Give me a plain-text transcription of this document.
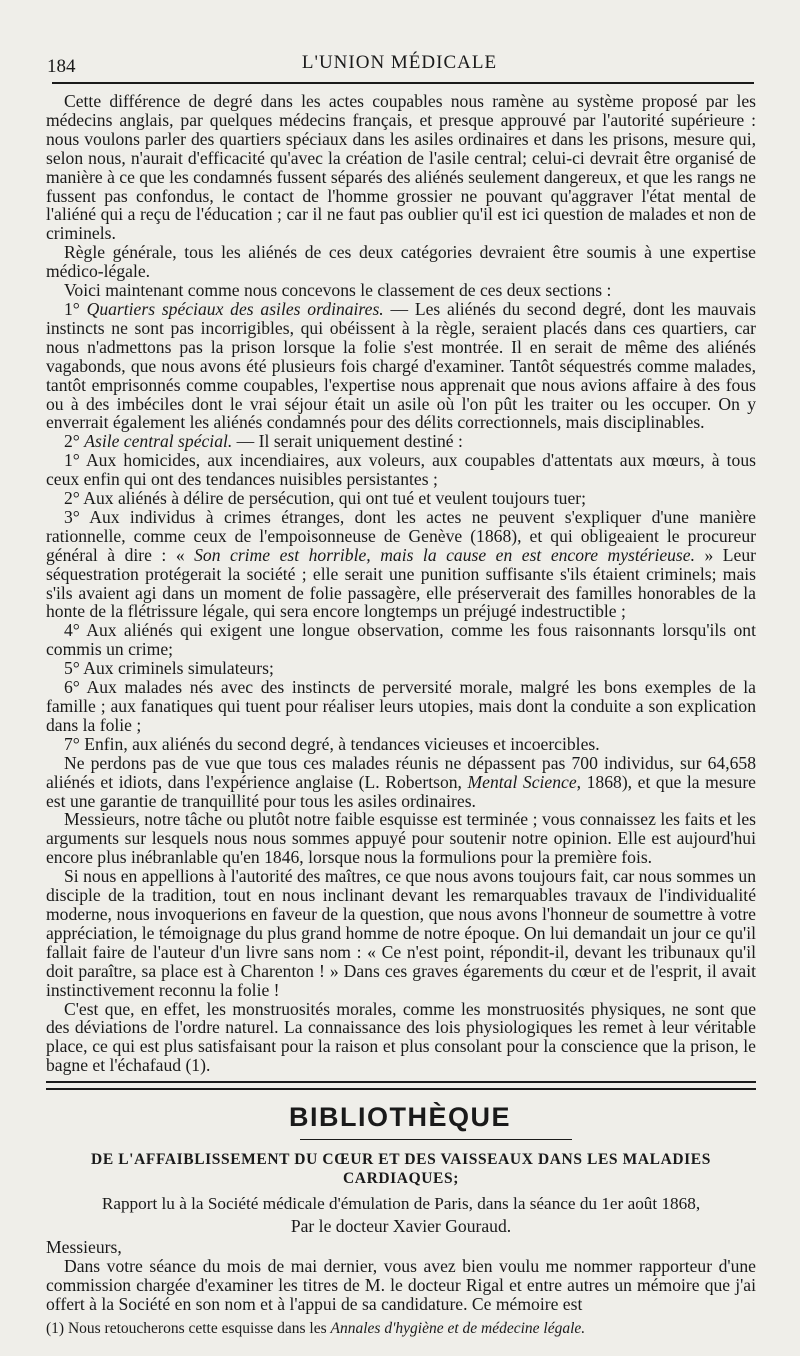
184	L'UNION MÉDICALE

Cette différence de degré dans les actes coupables nous ramène au système proposé par les médecins anglais, par quelques médecins français, et presque approuvé par l'autorité supérieure : nous voulons parler des quartiers spéciaux dans les asiles ordinaires et dans les prisons, mesure qui, selon nous, n'aurait d'efficacité qu'avec la création de l'asile central; celui-ci devrait être organisé de manière à ce que les condamnés fussent séparés des aliénés seulement dangereux, et que les rangs ne fussent pas confondus, le contact de l'homme grossier ne pouvant qu'aggraver l'état mental de l'aliéné qui a reçu de l'éducation ; car il ne faut pas oublier qu'il est ici question de malades et non de criminels.

Règle générale, tous les aliénés de ces deux catégories devraient être soumis à une expertise médico-légale.

Voici maintenant comme nous concevons le classement de ces deux sections :

1° Quartiers spéciaux des asiles ordinaires. — Les aliénés du second degré, dont les mauvais instincts ne sont pas incorrigibles, qui obéissent à la règle, seraient placés dans ces quartiers, car nous n'admettons pas la prison lorsque la folie s'est montrée. Il en serait de même des aliénés vagabonds, que nous avons été plusieurs fois chargé d'examiner. Tantôt séquestrés comme malades, tantôt emprisonnés comme coupables, l'expertise nous apprenait que nous avions affaire à des fous ou à des imbéciles dont le vrai séjour était un asile où l'on pût les traiter ou les occuper. On y enverrait également les aliénés condamnés pour des délits correctionnels, mais disciplinables.

2° Asile central spécial. — Il serait uniquement destiné :

1° Aux homicides, aux incendiaires, aux voleurs, aux coupables d'attentats aux mœurs, à tous ceux enfin qui ont des tendances nuisibles persistantes ;

2° Aux aliénés à délire de persécution, qui ont tué et veulent toujours tuer;

3° Aux individus à crimes étranges, dont les actes ne peuvent s'expliquer d'une manière rationnelle, comme ceux de l'empoisonneuse de Genève (1868), et qui obligeaient le procureur général à dire : « Son crime est horrible, mais la cause en est encore mystérieuse. » Leur séquestration protégerait la société ; elle serait une punition suffisante s'ils étaient criminels; mais s'ils avaient agi dans un moment de folie passagère, elle préserverait des familles honorables de la honte de la flétrissure légale, qui sera encore longtemps un préjugé indestructible ;

4° Aux aliénés qui exigent une longue observation, comme les fous raisonnants lorsqu'ils ont commis un crime;

5° Aux criminels simulateurs;

6° Aux malades nés avec des instincts de perversité morale, malgré les bons exemples de la famille ; aux fanatiques qui tuent pour réaliser leurs utopies, mais dont la conduite a son explication dans la folie ;

7° Enfin, aux aliénés du second degré, à tendances vicieuses et incoercibles.

Ne perdons pas de vue que tous ces malades réunis ne dépassent pas 700 individus, sur 64,658 aliénés et idiots, dans l'expérience anglaise (L. Robertson, Mental Science, 1868), et que la mesure est une garantie de tranquillité pour tous les asiles ordinaires.

Messieurs, notre tâche ou plutôt notre faible esquisse est terminée ; vous connaissez les faits et les arguments sur lesquels nous nous sommes appuyé pour soutenir notre opinion. Elle est aujourd'hui encore plus inébranlable qu'en 1846, lorsque nous la formulions pour la première fois.

Si nous en appellions à l'autorité des maîtres, ce que nous avons toujours fait, car nous sommes un disciple de la tradition, tout en nous inclinant devant les remarquables travaux de l'individualité moderne, nous invoquerions en faveur de la question, que nous avons l'honneur de soumettre à votre appréciation, le témoignage du plus grand homme de notre époque. On lui demandait un jour ce qu'il fallait faire de l'auteur d'un livre sans nom : « Ce n'est point, répondit-il, devant les tribunaux qu'il doit paraître, sa place est à Charenton ! » Dans ces graves égarements du cœur et de l'esprit, il avait instinctivement reconnu la folie !

C'est que, en effet, les monstruosités morales, comme les monstruosités physiques, ne sont que des déviations de l'ordre naturel. La connaissance des lois physiologiques les remet à leur véritable place, ce qui est plus satisfaisant pour la raison et plus consolant pour la conscience que la prison, le bagne et l'échafaud (1).

BIBLIOTHÈQUE
DE L'AFFAIBLISSEMENT DU CŒUR ET DES VAISSEAUX DANS LES MALADIES CARDIAQUES;
Rapport lu à la Société médicale d'émulation de Paris, dans la séance du 1er août 1868,
Par le docteur Xavier Gouraud.
Messieurs,

Dans votre séance du mois de mai dernier, vous avez bien voulu me nommer rapporteur d'une commission chargée d'examiner les titres de M. le docteur Rigal et entre autres un mémoire que j'ai offert à la Société en son nom et à l'appui de sa candidature. Ce mémoire est

(1) Nous retoucherons cette esquisse dans les Annales d'hygiène et de médecine légale.
